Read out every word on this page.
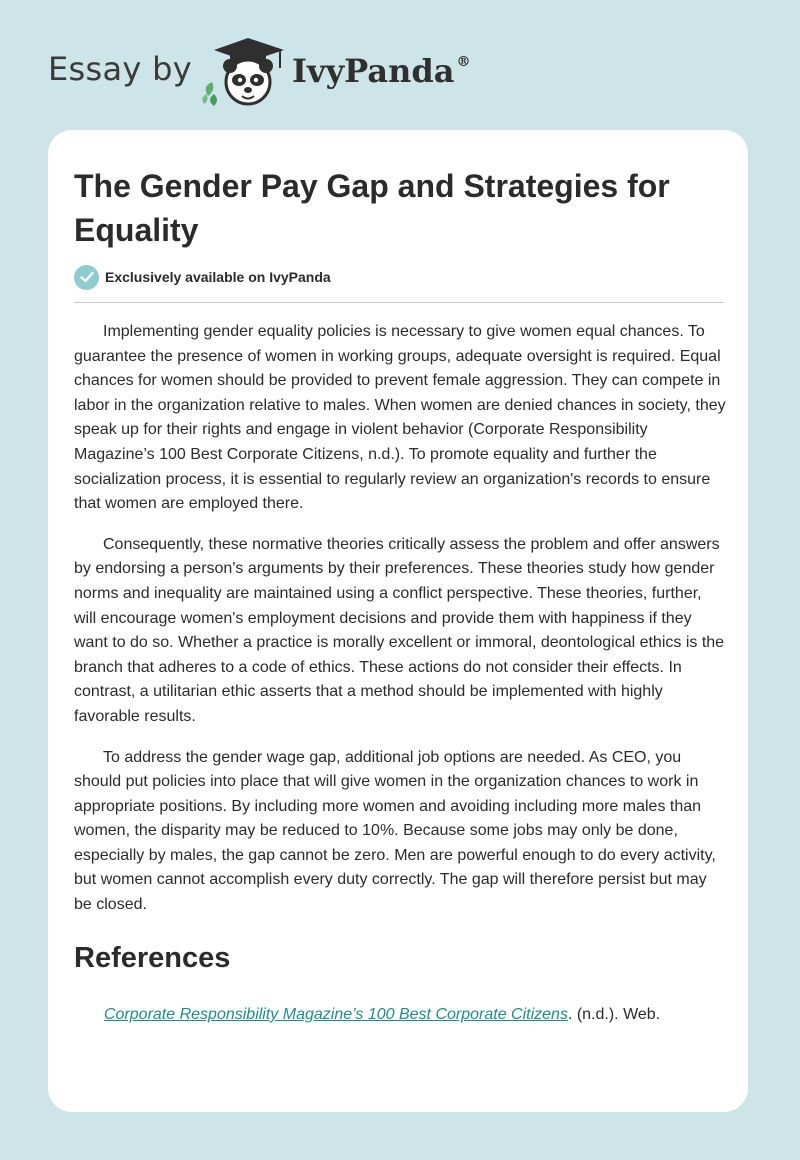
Essay by	IvyPanda ®
The Gender Pay Gap and Strategies for Equality
Exclusively available on IvyPanda

Implementing gender equality policies is necessary to give women equal chances. To guarantee the presence of women in working groups, adequate oversight is required. Equal chances for women should be provided to prevent female aggression. They can compete in labor in the organization relative to males. When women are denied chances in society, they speak up for their rights and engage in violent behavior (Corporate Responsibility Magazine’s 100 Best Corporate Citizens, n.d.). To promote equality and further the socialization process, it is essential to regularly review an organization's records to ensure that women are employed there.

Consequently, these normative theories critically assess the problem and offer answers by endorsing a person's arguments by their preferences. These theories study how gender norms and inequality are maintained using a conflict perspective. These theories, further, will encourage women's employment decisions and provide them with happiness if they want to do so. Whether a practice is morally excellent or immoral, deontological ethics is the branch that adheres to a code of ethics. These actions do not consider their effects. In contrast, a utilitarian ethic asserts that a method should be implemented with highly favorable results.

To address the gender wage gap, additional job options are needed. As CEO, you should put policies into place that will give women in the organization chances to work in appropriate positions. By including more women and avoiding including more males than women, the disparity may be reduced to 10%. Because some jobs may only be done, especially by males, the gap cannot be zero. Men are powerful enough to do every activity, but women cannot accomplish every duty correctly. The gap will therefore persist but may be closed.

References
Corporate Responsibility Magazine’s 100 Best Corporate Citizens. (n.d.). Web.
